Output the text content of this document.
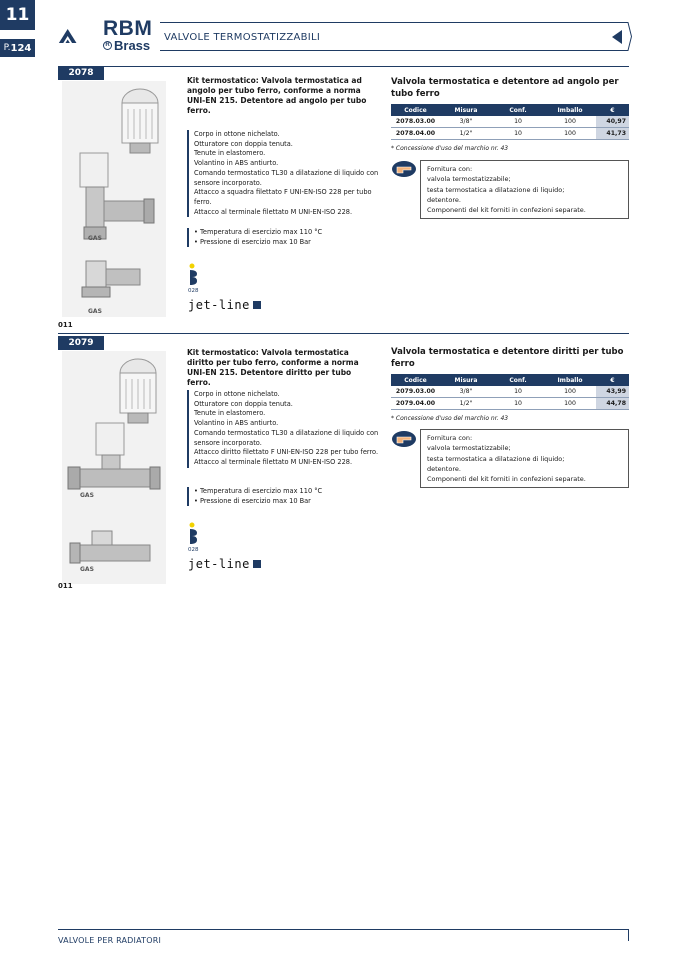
11
P. 124
RBM
R Brass
VALVOLE TERMOSTATIZZABILI
2078
GAS
GAS
011
Kit termostatico: Valvola termostatica ad angolo per tubo ferro, conforme a norma UNI-EN 215. Detentore ad angolo per tubo ferro.
Corpo in ottone nichelato.
Otturatore con doppia tenuta.
Tenute in elastomero.
Volantino in ABS antiurto.
Comando termostatico TL30 a dilatazione di liquido con sensore incorporato.
Attacco a squadra filettato F UNI-EN-ISO 228 per tubo ferro.
Attacco al terminale filettato M UNI-EN-ISO 228.
• Temperatura di esercizio max 110 °C
• Pressione di esercizio max 10 Bar
028
jet-line
Valvola termostatica e detentore ad angolo per tubo ferro
Codice	Misura	Conf.	Imballo	€
2078.03.00	3/8"	10	100	40,97
2078.04.00	1/2"	10	100	41,73
* Concessione d'uso del marchio nr. 43
Fornitura con:
valvola termostatizzabile;
testa termostatica a dilatazione di liquido;
detentore.
Componenti del kit forniti in confezioni separate.
2079
GAS
GAS
011
Kit termostatico: Valvola termostatica diritto per tubo ferro, conforme a norma UNI-EN 215. Detentore diritto per tubo ferro.
Corpo in ottone nichelato.
Otturatore con doppia tenuta.
Tenute in elastomero.
Volantino in ABS antiurto.
Comando termostatico TL30 a dilatazione di liquido con sensore incorporato.
Attacco diritto filettato F UNI-EN-ISO 228 per tubo ferro.
Attacco al terminale filettato M UNI-EN-ISO 228.
• Temperatura di esercizio max 110 °C
• Pressione di esercizio max 10 Bar
028
jet-line
Valvola termostatica e detentore diritti per tubo ferro
Codice	Misura	Conf.	Imballo	€
2079.03.00	3/8"	10	100	43,99
2079.04.00	1/2"	10	100	44,78
* Concessione d'uso del marchio nr. 43
Fornitura con:
valvola termostatizzabile;
testa termostatica a dilatazione di liquido;
detentore.
Componenti del kit forniti in confezioni separate.
VALVOLE PER RADIATORI
